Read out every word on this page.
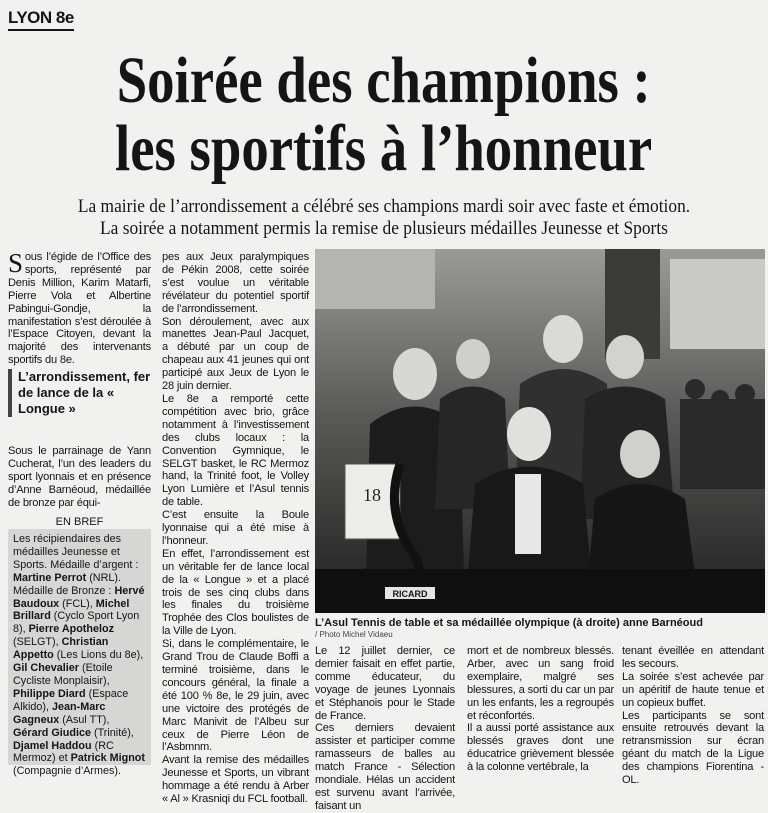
LYON 8e
Soirée des champions :
les sportifs à l’honneur
La mairie de l’arrondissement a célébré ses champions mardi soir avec faste et émotion.
La soirée a notamment permis la remise de plusieurs médailles Jeunesse et Sports

Sous l’égide de l’Office des sports, représenté par Denis Million, Karim Matarfi, Pierre Vola et Albertine Pabingui-Gondje, la manifestation s’est déroulée à l’Espace Citoyen, devant la majorité des intervenants sportifs du 8e.

L’arrondissement, fer de lance de la « Longue »

Sous le parrainage de Yann Cucherat, l’un des leaders du sport lyonnais et en présence d’Anne Barnéoud, médaillée de bronze par équi-

EN BREF
Les récipiendaires des médailles Jeunesse et Sports. Médaille d’argent : Martine Perrot (NRL). Médaille de Bronze : Hervé Baudoux (FCL), Michel Brillard (Cyclo Sport Lyon 8), Pierre Apotheloz (SELGT), Christian Appetto (Les Lions du 8e), Gil Chevalier (Etoile Cycliste Monplaisir), Philippe Diard (Espace Alkido), Jean-Marc Gagneux (Asul TT), Gérard Giudice (Trinité), Djamel Haddou (RC Mermoz) et Patrick Mignot (Compagnie d’Armes).

pes aux Jeux paralympiques de Pékin 2008, cette soirée s’est voulue un véritable révélateur du potentiel sportif de l’arrondissement.

Son déroulement, avec aux manettes Jean-Paul Jacquet, a débuté par un coup de chapeau aux 41 jeunes qui ont participé aux Jeux de Lyon le 28 juin dernier.

Le 8e a remporté cette compétition avec brio, grâce notamment à l’investissement des clubs locaux : la Convention Gymnique, le SELGT basket, le RC Mermoz hand, la Trinité foot, le Volley Lyon Lumière et l’Asul tennis de table.

C’est ensuite la Boule lyonnaise qui a été mise à l’honneur.

En effet, l’arrondissement est un véritable fer de lance local de la « Longue » et a placé trois de ses cinq clubs dans les finales du troisième Trophée des Clos boulistes de la Ville de Lyon.

Si, dans le complémentaire, le Grand Trou de Claude Boffi a terminé troisième, dans le concours général, la finale a été 100 % 8e, le 29 juin, avec une victoire des protégés de Marc Manivit de l’Albeu sur ceux de Pierre Léon de l’Asbmnm.

Avant la remise des médailles Jeunesse et Sports, un vibrant hommage a été rendu à Arber « Al » Krasniqi du FCL football.

18
RICARD
L’Asul Tennis de table et sa médaillée olympique (à droite) anne Barnéoud
/ Photo Michel Vidaeu

Le 12 juillet dernier, ce dernier faisait en effet partie, comme éducateur, du voyage de jeunes Lyonnais et Stéphanois pour le Stade de France.

Ces derniers devaient assister et participer comme ramasseurs de balles au match France - Sélection mondiale. Hélas un accident est survenu avant l’arrivée, faisant un

mort et de nombreux blessés. Arber, avec un sang froid exemplaire, malgré ses blessures, a sorti du car un par un les enfants, les a regroupés et réconfortés.

Il a aussi porté assistance aux blessés graves dont une éducatrice grièvement blessée à la colonne vertébrale, la

tenant éveillée en attendant les secours.

La soirée s’est achevée par un apéritif de haute tenue et un copieux buffet.

Les participants se sont ensuite retrouvés devant la retransmission sur écran géant du match de la Ligue des champions Fiorentina - OL.
